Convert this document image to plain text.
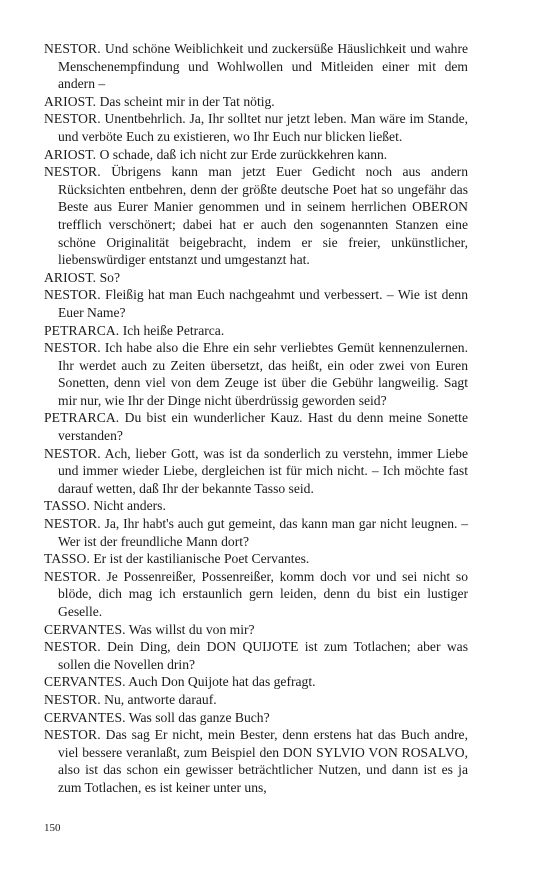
NESTOR. Und schöne Weiblichkeit und zuckersüße Häuslichkeit und wahre Menschenempfindung und Wohlwollen und Mitleiden einer mit dem andern –

ARIOST. Das scheint mir in der Tat nötig.

NESTOR. Unentbehrlich. Ja, Ihr solltet nur jetzt leben. Man wäre im Stande, und verböte Euch zu existieren, wo Ihr Euch nur blicken ließet.

ARIOST. O schade, daß ich nicht zur Erde zurückkehren kann.

NESTOR. Übrigens kann man jetzt Euer Gedicht noch aus andern Rücksichten entbehren, denn der größte deutsche Poet hat so ungefähr das Beste aus Eurer Manier genommen und in seinem herrlichen OBERON trefflich verschönert; dabei hat er auch den sogenannten Stanzen eine schöne Originalität beigebracht, indem er sie freier, unkünstlicher, liebenswürdiger entstanzt und umgestanzt hat.

ARIOST. So?

NESTOR. Fleißig hat man Euch nachgeahmt und verbessert. – Wie ist denn Euer Name?

PETRARCA. Ich heiße Petrarca.

NESTOR. Ich habe also die Ehre ein sehr verliebtes Gemüt kennenzulernen. Ihr werdet auch zu Zeiten übersetzt, das heißt, ein oder zwei von Euren Sonetten, denn viel von dem Zeuge ist über die Gebühr langweilig. Sagt mir nur, wie Ihr der Dinge nicht überdrüssig geworden seid?

PETRARCA. Du bist ein wunderlicher Kauz. Hast du denn meine Sonette verstanden?

NESTOR. Ach, lieber Gott, was ist da sonderlich zu verstehn, immer Liebe und immer wieder Liebe, dergleichen ist für mich nicht. – Ich möchte fast darauf wetten, daß Ihr der bekannte Tasso seid.

TASSO. Nicht anders.

NESTOR. Ja, Ihr habt's auch gut gemeint, das kann man gar nicht leugnen. – Wer ist der freundliche Mann dort?

TASSO. Er ist der kastilianische Poet Cervantes.

NESTOR. Je Possenreißer, Possenreißer, komm doch vor und sei nicht so blöde, dich mag ich erstaunlich gern leiden, denn du bist ein lustiger Geselle.

CERVANTES. Was willst du von mir?

NESTOR. Dein Ding, dein DON QUIJOTE ist zum Totlachen; aber was sollen die Novellen drin?

CERVANTES. Auch Don Quijote hat das gefragt.

NESTOR. Nu, antworte darauf.

CERVANTES. Was soll das ganze Buch?

NESTOR. Das sag Er nicht, mein Bester, denn erstens hat das Buch andre, viel bessere veranlaßt, zum Beispiel den DON SYLVIO VON ROSALVO, also ist das schon ein gewisser beträchtlicher Nutzen, und dann ist es ja zum Totlachen, es ist keiner unter uns,

150
